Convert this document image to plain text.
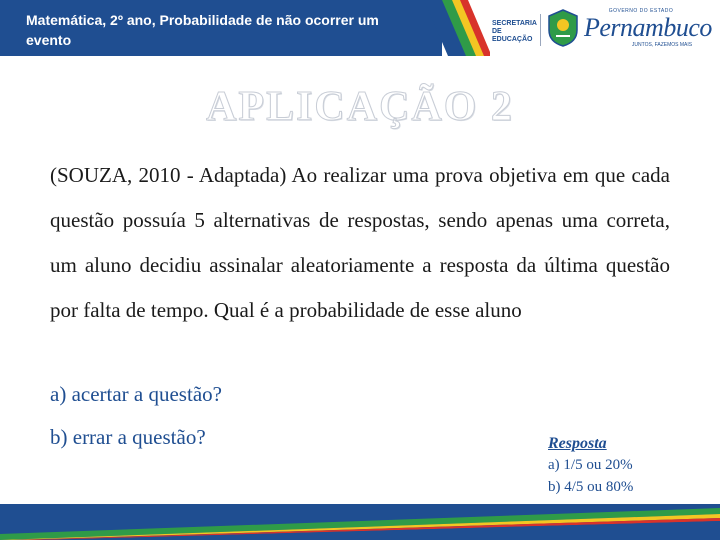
Matemática, 2º ano, Probabilidade de não ocorrer um evento
SECRETARIA DE EDUCAÇÃO
GOVERNO DO ESTADO
Pernambuco
JUNTOS, FAZEMOS MAIS
APLICAÇÃO 2

(SOUZA, 2010 - Adaptada) Ao realizar uma prova objetiva em que cada questão possuía 5 alternativas de respostas, sendo apenas uma correta, um aluno decidiu assinalar aleatoriamente a resposta da última questão por falta de tempo. Qual é a probabilidade de esse aluno

a) acertar a questão?
b) errar a questão?	Resposta
a) 1/5 ou 20%
b) 4/5 ou 80%
